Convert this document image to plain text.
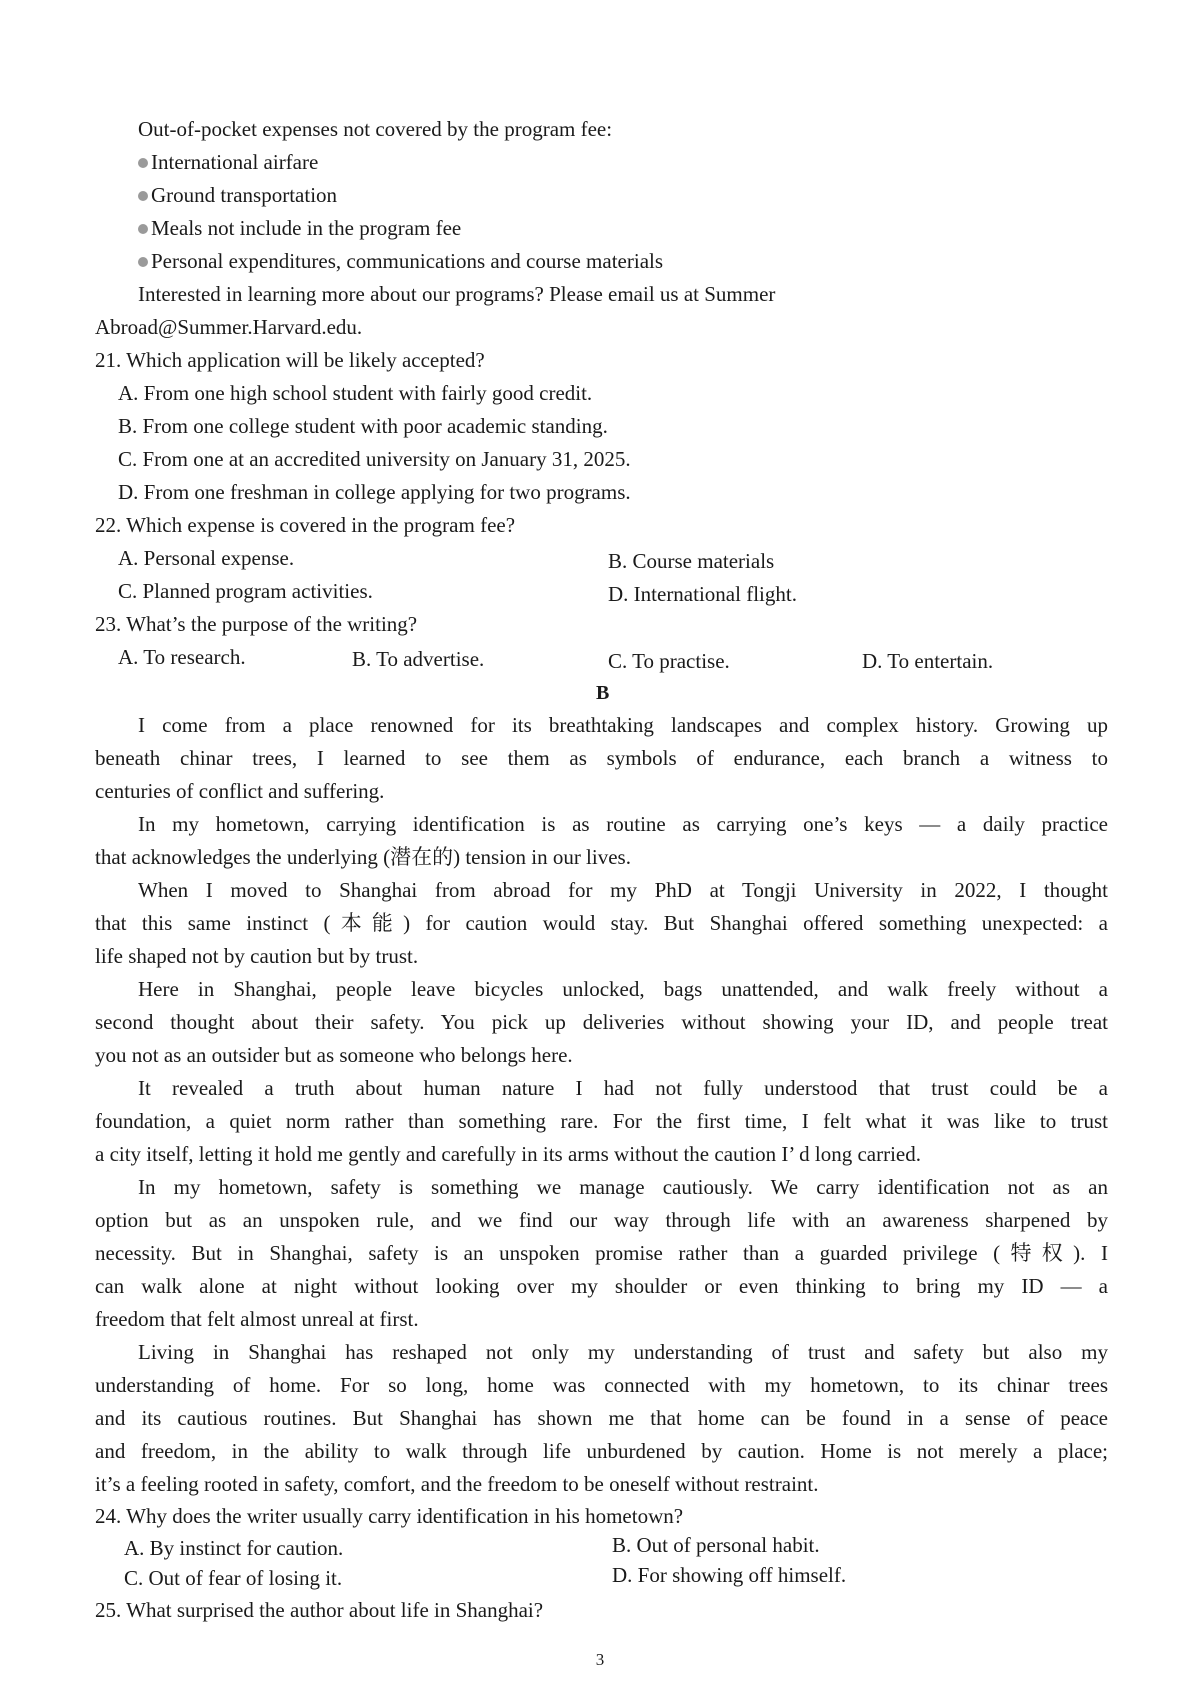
Out-of-pocket expenses not covered by the program fee:
International airfare
Ground transportation
Meals not include in the program fee
Personal expenditures, communications and course materials
Interested in learning more about our programs? Please email us at Summer
Abroad@Summer.Harvard.edu.
21. Which application will be likely accepted?
A. From one high school student with fairly good credit.
B. From one college student with poor academic standing.
C. From one at an accredited university on January 31, 2025.
D. From one freshman in college applying for two programs.
22. Which expense is covered in the program fee?
A. Personal expense.	B. Course materials
C. Planned program activities.	D. International flight.
23. What’s the purpose of the writing?
A. To research.	B. To advertise.	C. To practise.	D. To entertain.
B
I come from a place renowned for its breathtaking landscapes and complex history. Growing up
beneath chinar trees, I learned to see them as symbols of endurance, each branch a witness to
centuries of conflict and suffering.
In my hometown, carrying identification is as routine as carrying one’s keys — a daily practice
that acknowledges the underlying (潜在的) tension in our lives.
When I moved to Shanghai from abroad for my PhD at Tongji University in 2022, I thought
that this same instinct (本能) for caution would stay. But Shanghai offered something unexpected: a
life shaped not by caution but by trust.
Here in Shanghai, people leave bicycles unlocked, bags unattended, and walk freely without a
second thought about their safety. You pick up deliveries without showing your ID, and people treat
you not as an outsider but as someone who belongs here.
It revealed a truth about human nature I had not fully understood that trust could be a
foundation, a quiet norm rather than something rare. For the first time, I felt what it was like to trust
a city itself, letting it hold me gently and carefully in its arms without the caution I’ d long carried.
In my hometown, safety is something we manage cautiously. We carry identification not as an
option but as an unspoken rule, and we find our way through life with an awareness sharpened by
necessity. But in Shanghai, safety is an unspoken promise rather than a guarded privilege (特权). I
can walk alone at night without looking over my shoulder or even thinking to bring my ID — a
freedom that felt almost unreal at first.
Living in Shanghai has reshaped not only my understanding of trust and safety but also my
understanding of home. For so long, home was connected with my hometown, to its chinar trees
and its cautious routines. But Shanghai has shown me that home can be found in a sense of peace
and freedom, in the ability to walk through life unburdened by caution. Home is not merely a place;
it’s a feeling rooted in safety, comfort, and the freedom to be oneself without restraint.
24. Why does the writer usually carry identification in his hometown?
A. By instinct for caution.	B. Out of personal habit.
C. Out of fear of losing it.	D. For showing off himself.
25. What surprised the author about life in Shanghai?
3
